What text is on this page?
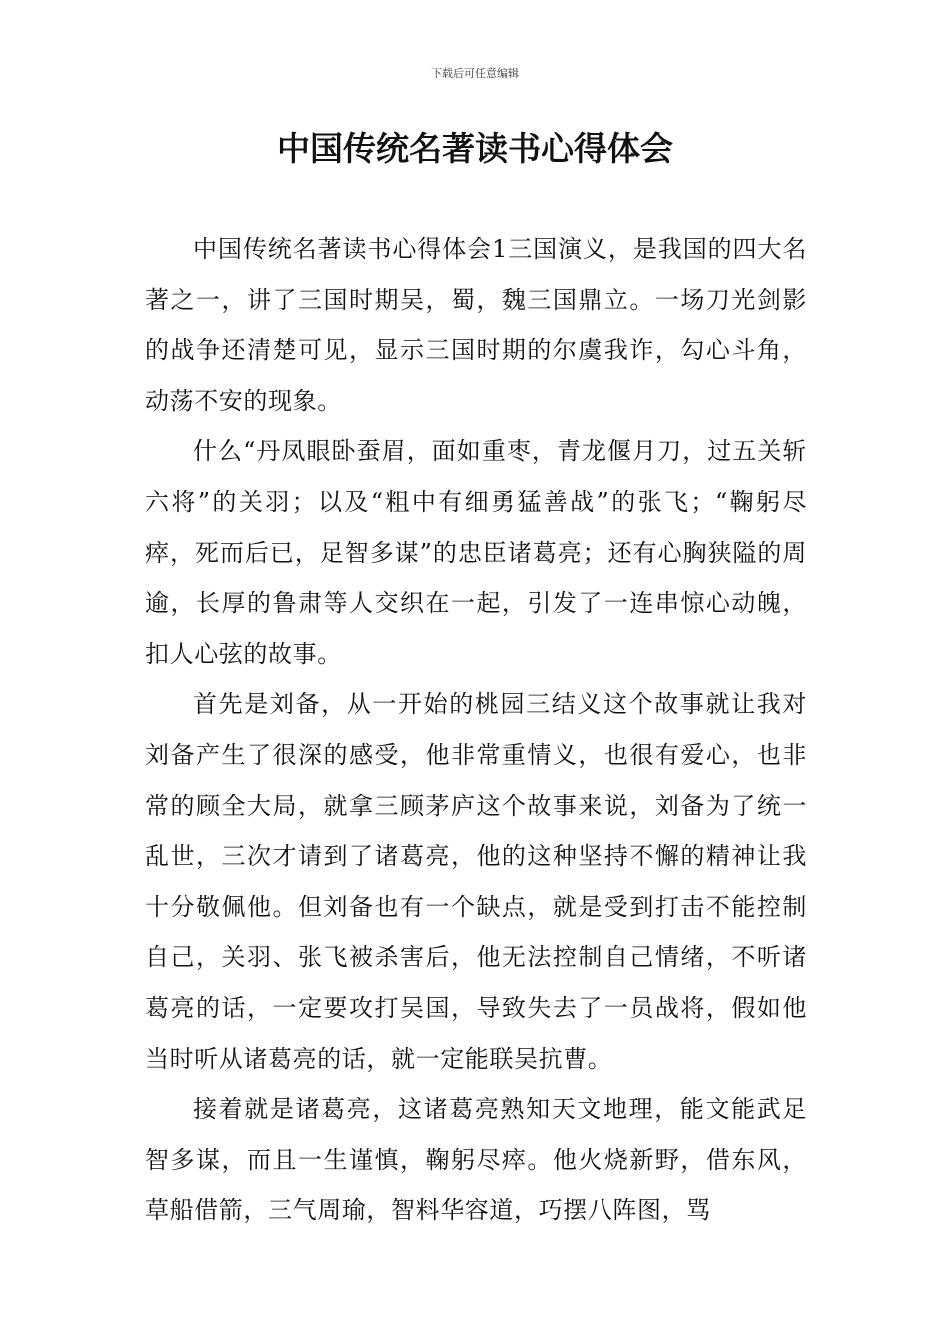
下载后可任意编辑
中国传统名著读书心得体会

中国传统名著读书心得体会1三国演义，是我国的四大名著之一，讲了三国时期吴，蜀，魏三国鼎立。一场刀光剑影的战争还清楚可见，显示三国时期的尔虞我诈，勾心斗角，动荡不安的现象。

什么“丹凤眼卧蚕眉，面如重枣，青龙偃月刀，过五关斩六将”的关羽；以及“粗中有细勇猛善战”的张飞；“鞠躬尽瘁，死而后已，足智多谋”的忠臣诸葛亮；还有心胸狭隘的周逾，长厚的鲁肃等人交织在一起，引发了一连串惊心动魄，扣人心弦的故事。

首先是刘备，从一开始的桃园三结义这个故事就让我对刘备产生了很深的感受，他非常重情义，也很有爱心，也非常的顾全大局，就拿三顾茅庐这个故事来说，刘备为了统一乱世，三次才请到了诸葛亮，他的这种坚持不懈的精神让我十分敬佩他。但刘备也有一个缺点，就是受到打击不能控制自己，关羽、张飞被杀害后，他无法控制自己情绪，不听诸葛亮的话，一定要攻打吴国，导致失去了一员战将，假如他当时听从诸葛亮的话，就一定能联吴抗曹。

接着就是诸葛亮，这诸葛亮熟知天文地理，能文能武足智多谋，而且一生谨慎，鞠躬尽瘁。他火烧新野，借东风，草船借箭，三气周瑜，智料华容道，巧摆八阵图，骂
